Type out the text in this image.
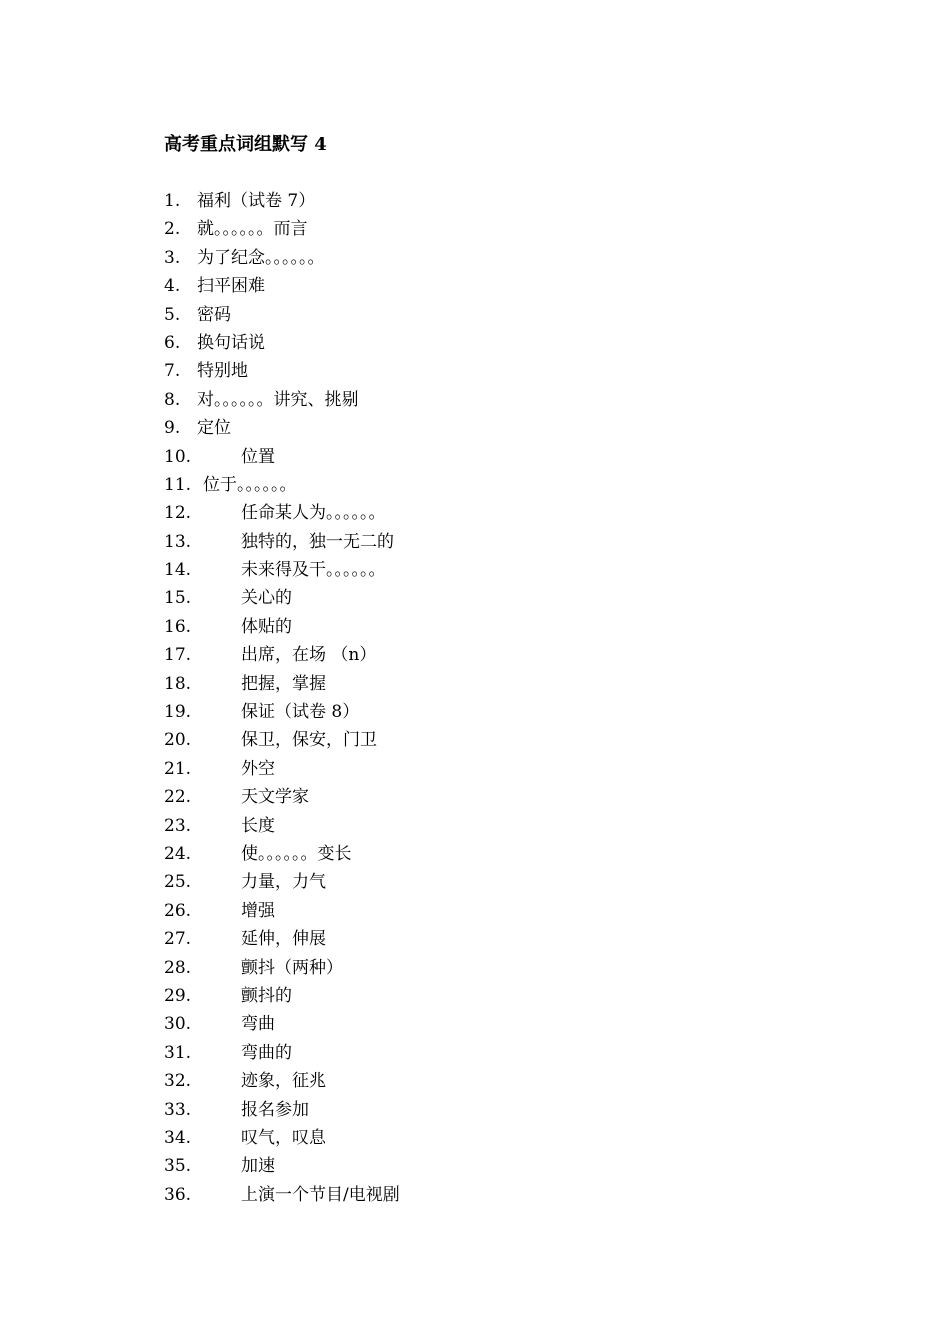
高考重点词组默写 4
1. 福利（试卷 7）
2. 就。。。。。。而言
3. 为了纪念。。。。。。
4. 扫平困难
5. 密码
6. 换句话说
7. 特别地
8. 对。。。。。。讲究、挑剔
9. 定位
10.	位置
11. 位于。。。。。。
12.	任命某人为。。。。。。
13.	独特的，独一无二的
14.	未来得及干。。。。。。
15.	关心的
16.	体贴的
17.	出席，在场 （n）
18.	把握，掌握
19.	保证（试卷 8）
20.	保卫，保安，门卫
21.	外空
22.	天文学家
23.	长度
24.	使。。。。。。变长
25.	力量，力气
26.	增强
27.	延伸，伸展
28.	颤抖（两种）
29.	颤抖的
30.	弯曲
31.	弯曲的
32.	迹象，征兆
33.	报名参加
34.	叹气，叹息
35.	加速
36.	上演一个节目/电视剧
